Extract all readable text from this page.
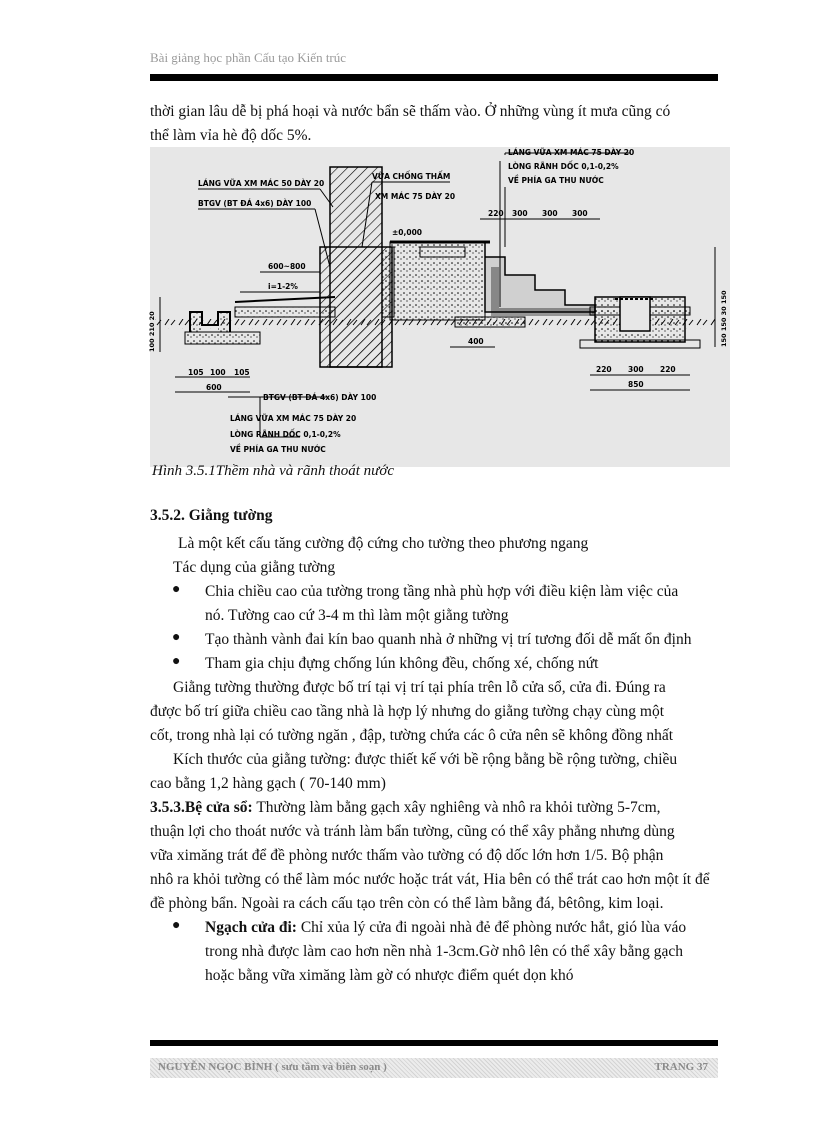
Bài giảng học phần Cấu tạo Kiến trúc
thời gian lâu dễ bị phá hoại và nước bẩn sẽ thấm vào. Ở những vùng ít mưa cũng có
thể làm vỉa hè độ dốc 5%.
LÁNG VỮA XM MÁC 50 DÀY 20
BTGV (BT ĐÁ 4x6) DÀY 100
VỮA CHỐNG THẤM
XM MÁC 75 DÀY 20
LÁNG VỮA XM MÁC 75 DÀY 20
LÒNG RÃNH DỐC 0,1-0,2%
VỀ PHÍA GA THU NƯỚC
±0,000
600~800
i=1-2%
220 300 300 300
400
105 100 105
600
BTGV (BT ĐÁ 4x6) DÀY 100
LÁNG VỮA XM MÁC 75 DÀY 20
LÒNG RÃNH DỐC 0,1-0,2%
VỀ PHÍA GA THU NƯỚC
220 300 220
850
100 210 20	150 150 30 150
Hình 3.5.1Thềm nhà và rãnh thoát nước
3.5.2. Giằng tường
Là một kết cấu tăng cường độ cứng cho tường theo phương ngang
Tác dụng của giằng tường
● Chia chiều cao của tường trong tầng nhà phù hợp với điều kiện làm việc của
nó. Tường cao cứ 3-4 m thì làm một giằng tường
● Tạo thành vành đai kín bao quanh nhà ở những vị trí tương đối dễ mất ổn định
● Tham gia chịu đựng chống lún không đều, chống xé, chống nứt
Giằng tường thường được bố trí tại vị trí tại phía trên lỗ cửa sổ, cửa đi. Đúng ra
được bố trí giữa chiều cao tầng nhà là hợp lý nhưng do giằng tường chạy cùng một
cốt, trong nhà lại có tường ngăn , đập, tường chứa các ô cửa nên sẽ không đồng nhất
Kích thước của giằng tường: được thiết kế với bề rộng bằng bề rộng tường, chiều
cao bằng 1,2 hàng gạch ( 70-140 mm)
3.5.3.Bệ cửa sổ: Thường làm bằng gạch xây nghiêng và nhô ra khỏi tường 5-7cm,
thuận lợi cho thoát nước và tránh làm bẩn tường, cũng có thể xây phẳng nhưng dùng
vữa ximăng trát để đề phòng nước thấm vào tường có độ dốc lớn hơn 1/5. Bộ phận
nhô ra khỏi tường có thể làm móc nước hoặc trát vát, Hia bên có thể trát cao hơn một ít để
đề phòng bẩn. Ngoài ra cách cấu tạo trên còn có thể làm bằng đá, bêtông, kim loại.
● Ngạch cửa đi: Chỉ xủa lý cửa đi ngoài nhà đẻ để phòng nước hắt, gió lùa váo
trong nhà được làm cao hơn nền nhà 1-3cm.Gờ nhô lên có thể xây bằng gạch
hoặc bằng vữa ximăng làm gờ có nhược điểm quét dọn khó
NGUYỄN NGỌC BÌNH ( sưu tầm và biên soạn )	TRANG 37
